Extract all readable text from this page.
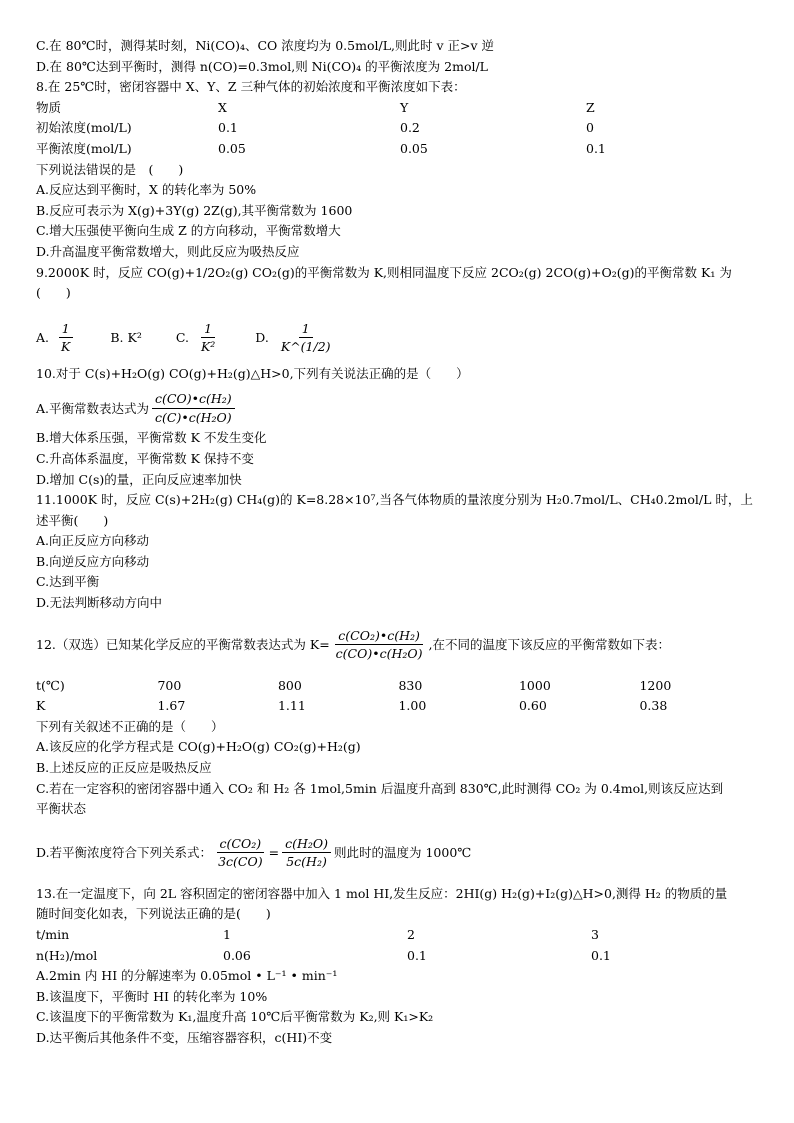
C.在 80℃时，测得某时刻，Ni(CO)₄、CO 浓度均为 0.5mol/L,则此时 v 正>v 逆
D.在 80℃达到平衡时，测得 n(CO)=0.3mol,则 Ni(CO)₄ 的平衡浓度为 2mol/L
8.在 25℃时，密闭容器中 X、Y、Z 三种气体的初始浓度和平衡浓度如下表：
物质	X	Y	Z
初始浓度(mol/L)	0.1	0.2	0
平衡浓度(mol/L)	0.05	0.05	0.1
下列说法错误的是　(　　)
A.反应达到平衡时，X 的转化率为 50%
B.反应可表示为 X(g)+3Y(g) 2Z(g),其平衡常数为 1600
C.增大压强使平衡向生成 Z 的方向移动，平衡常数增大
D.升高温度平衡常数增大，则此反应为吸热反应
9.2000K 时，反应 CO(g)+1/2O₂(g) CO₂(g)的平衡常数为 K,则相同温度下反应 2CO₂(g) 2CO(g)+O₂(g)的平衡常数 K₁ 为
(　　)
A. $\frac{1}{K}$	B. K²	C. $\frac{1}{\text{K²}}$	D. $\frac{1}{K\^{}(1/2)}$
10.对于 C(s)+H₂O(g) CO(g)+H₂(g)△H>0,下列有关说法正确的是（　　）
A.平衡常数表达式为 $\frac{\text{c(CO)•c(H₂)}}{\text{c(C)•c(H₂O)}}$
B.增大体系压强，平衡常数 K 不发生变化
C.升高体系温度，平衡常数 K 保持不变
D.增加 C(s)的量，正向反应速率加快
11.1000K 时，反应 C(s)+2H₂(g) CH₄(g)的 K=8.28×10⁷,当各气体物质的量浓度分别为 H₂0.7mol/L、CH₄0.2mol/L 时，上
述平衡(　　)
A.向正反应方向移动
B.向逆反应方向移动
C.达到平衡
D.无法判断移动方向中
12.（双选）已知某化学反应的平衡常数表达式为 $K= \frac{\text{c(CO₂)•c(H₂)}}{\text{c(CO)•c(H₂O)}}$ ,在不同的温度下该反应的平衡常数如下表：
t(℃)	700	800	830	1000	1200
K	1.67	1.11	1.00	0.60	0.38
下列有关叙述不正确的是（　　）
A.该反应的化学方程式是 CO(g)+H₂O(g) CO₂(g)+H₂(g)
B.上述反应的正反应是吸热反应
C.若在一定容积的密闭容器中通入 CO₂ 和 H₂ 各 1mol,5min 后温度升高到 830℃,此时测得 CO₂ 为 0.4mol,则该反应达到
平衡状态
D.若平衡浓度符合下列关系式： $\frac{\text{c(CO₂)}}{3c(CO)} = \frac{\text{c(H₂O)}}{\text{5c(H₂)}}$ 则此时的温度为 1000℃
13.在一定温度下，向 2L 容积固定的密闭容器中加入 1 mol HI,发生反应：2HI(g) H₂(g)+I₂(g)△H>0,测得 H₂ 的物质的量
随时间变化如表，下列说法正确的是(　　)
t/min	1	2	3
n(H₂)/mol	0.06	0.1	0.1
A.2min 内 HI 的分解速率为 0.05mol • L⁻¹ • min⁻¹
B.该温度下，平衡时 HI 的转化率为 10%
C.该温度下的平衡常数为 K₁,温度升高 10℃后平衡常数为 K₂,则 K₁>K₂
D.达平衡后其他条件不变，压缩容器容积，c(HI)不变
